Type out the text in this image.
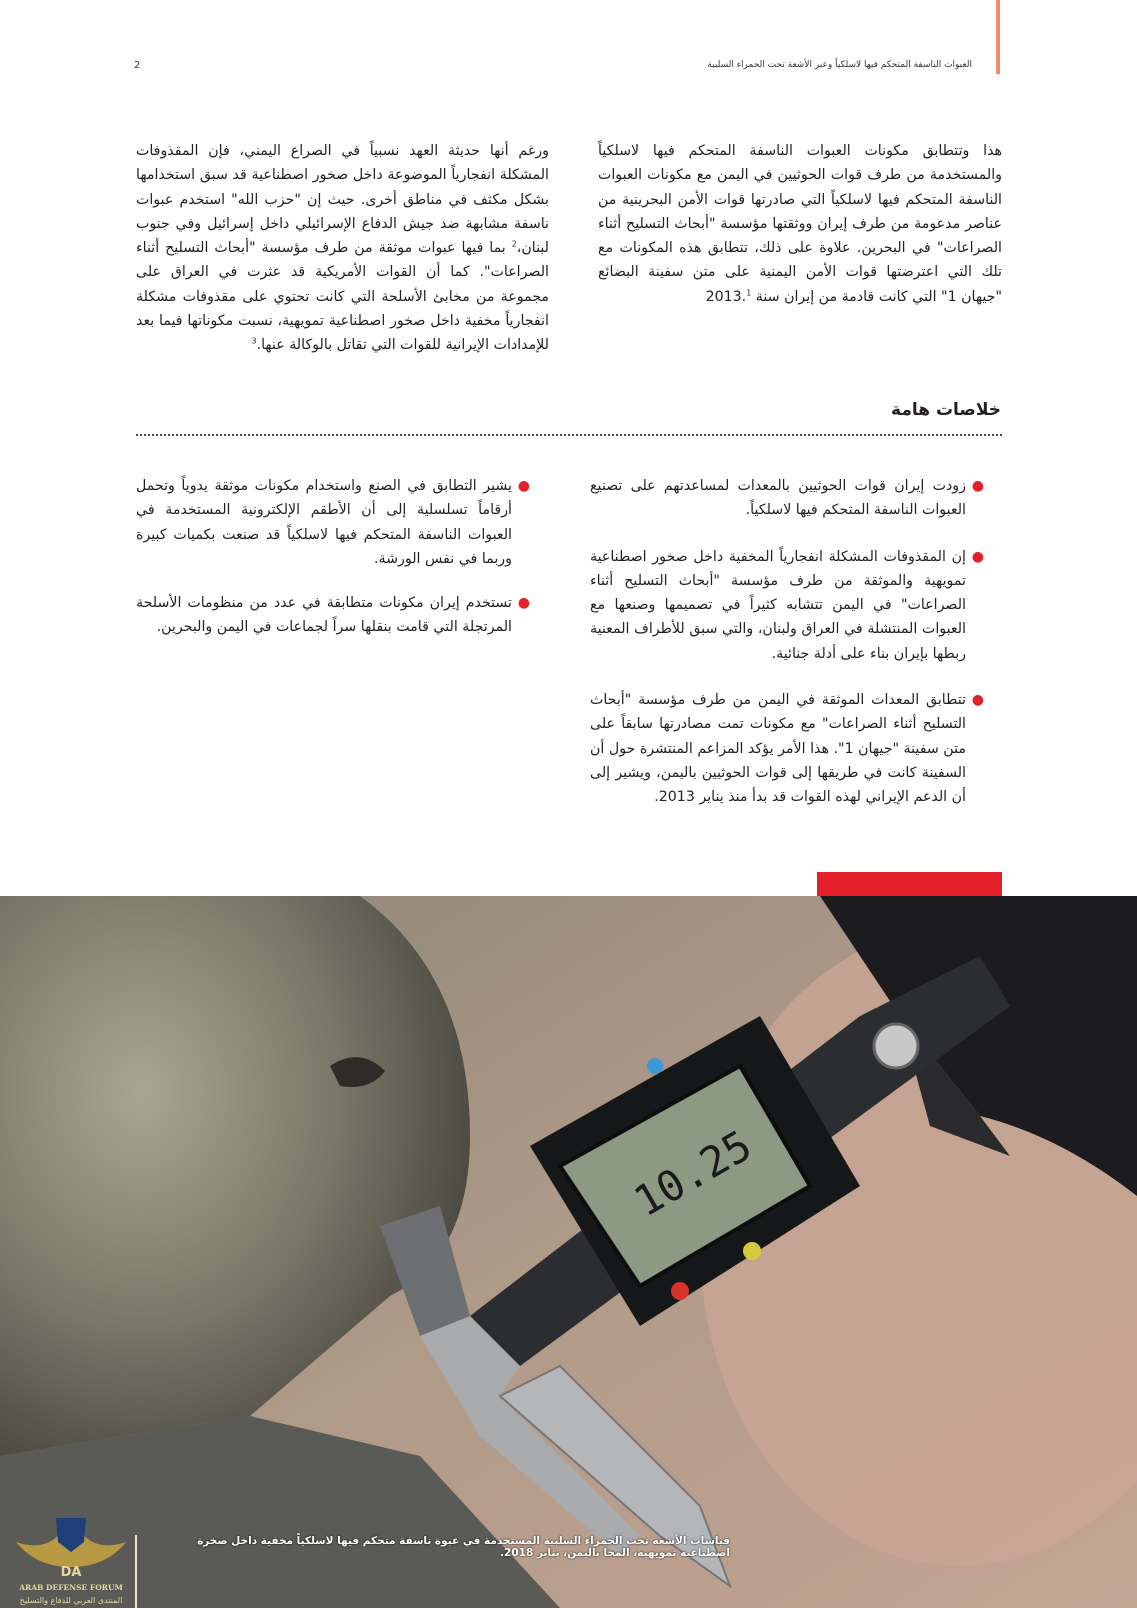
2	العبوات الناسفة المتحكم فيها لاسلكياً وعبر الأشعة تحت الحمراء السلبية

هذا وتتطابق مكونات العبوات الناسفة المتحكم فيها لاسلكياً والمستخدمة من طرف قوات الحوثيين في اليمن مع مكونات العبوات الناسفة المتحكم فيها لاسلكياً التي صادرتها قوات الأمن البحرينية من عناصر مدعومة من طرف إيران ووثقتها مؤسسة "أبحاث التسليح أثناء الصراعات" في البحرين. علاوة على ذلك، تتطابق هذه المكونات مع تلك التي اعترضتها قوات الأمن اليمنية على متن سفينة البضائع "جيهان 1" التي كانت قادمة من إيران سنة 2013.$^1$

ورغم أنها حديثة العهد نسبياً في الصراع اليمني، فإن المقذوفات المشكلة انفجارياً الموضوعة داخل صخور اصطناعية قد سبق استخدامها بشكل مكثف في مناطق أخرى. حيث إن "حزب الله" استخدم عبوات ناسفة مشابهة ضد جيش الدفاع الإسرائيلي داخل إسرائيل وفي جنوب لبنان،$^2$ بما فيها عبوات موثقة من طرف مؤسسة "أبحاث التسليح أثناء الصراعات". كما أن القوات الأمريكية قد عثرت في العراق على مجموعة من مخابئ الأسلحة التي كانت تحتوي على مقذوفات مشكلة انفجارياً مخفية داخل صخور اصطناعية تمويهية، نسبت مكوناتها فيما بعد للإمدادات الإيرانية للقوات التي تقاتل بالوكالة عنها.$^3$

خلاصات هامة
●
زودت إيران قوات الحوثيين بالمعدات لمساعدتهم على تصنيع العبوات الناسفة المتحكم فيها لاسلكياً.
●
إن المقذوفات المشكلة انفجارياً المخفية داخل صخور اصطناعية تمويهية والموثقة من طرف مؤسسة "أبحاث التسليح أثناء الصراعات" في اليمن تتشابه كثيراً في تصميمها وصنعها مع العبوات المنتشلة في العراق ولبنان، والتي سبق للأطراف المعنية ربطها بإيران بناء على أدلة جنائية.
●
تتطابق المعدات الموثقة في اليمن من طرف مؤسسة "أبحاث التسليح أثناء الصراعات" مع مكونات تمت مصادرتها سابقاً على متن سفينة "جيهان 1". هذا الأمر يؤكد المزاعم المنتشرة حول أن السفينة كانت في طريقها إلى قوات الحوثيين باليمن، ويشير إلى أن الدعم الإيراني لهذه القوات قد بدأ منذ يناير 2013.
●
يشير التطابق في الصنع واستخدام مكونات موثقة يدوياً وتحمل أرقاماً تسلسلية إلى أن الأطقم الإلكترونية المستخدمة في العبوات الناسفة المتحكم فيها لاسلكياً قد صنعت بكميات كبيرة وربما في نفس الورشة.
●
تستخدم إيران مكونات متطابقة في عدد من منظومات الأسلحة المرتجلة التي قامت بنقلها سراً لجماعات في اليمن والبحرين.
10.25
قياسات الأشعة تحت الحمراء السلبية المستخدمة في عبوة ناسفة متحكم فيها لاسلكياً مخفية داخل صخرة اصطناعية تمويهية، المخا باليمن، يناير 2018.
DA
ARAB DEFENSE FORUM
المنتدى العربي للدفاع والتسليح
